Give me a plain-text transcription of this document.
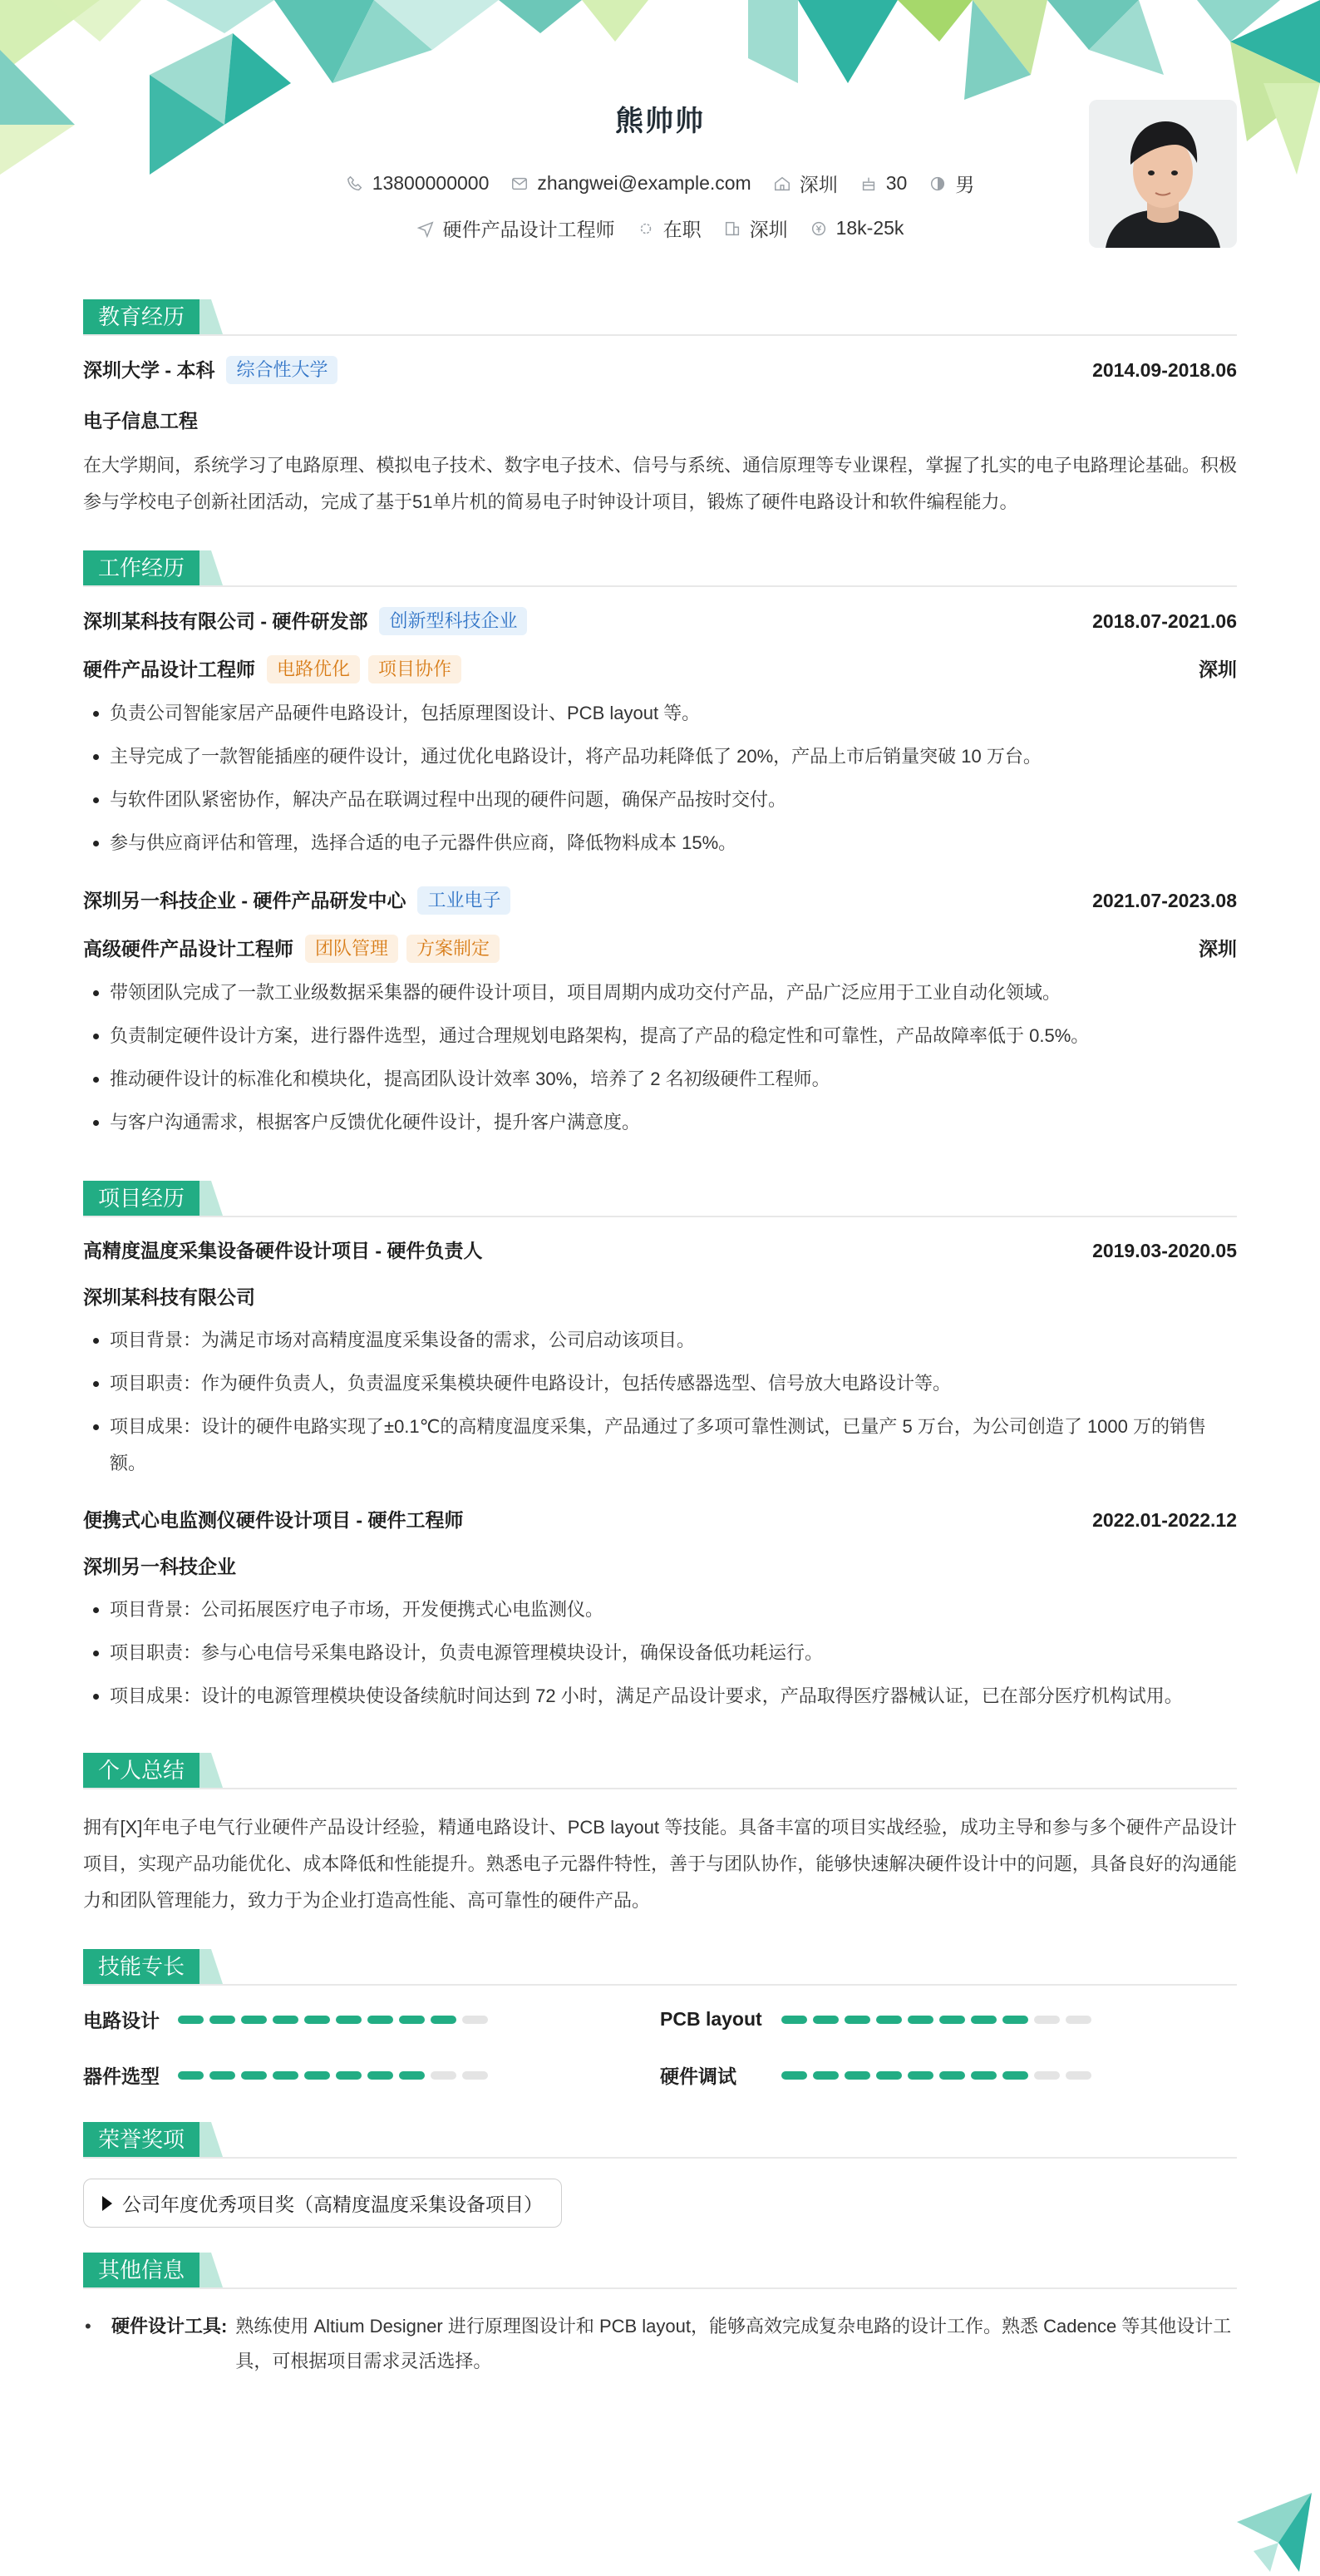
熊帅帅
13800000000	zhangwei@example.com	深圳	30	男
硬件产品设计工程师	在职	深圳	18k-25k
教育经历
深圳大学 - 本科	综合性大学	2014.09-2018.06
电子信息工程
在大学期间，系统学习了电路原理、模拟电子技术、数字电子技术、信号与系统、通信原理等专业课程，掌握了扎实的电子电路理论基础。积极参与学校电子创新社团活动，完成了基于51单片机的简易电子时钟设计项目，锻炼了硬件电路设计和软件编程能力。
工作经历
深圳某科技有限公司 - 硬件研发部	创新型科技企业	2018.07-2021.06
硬件产品设计工程师	电路优化	项目协作	深圳
• 负责公司智能家居产品硬件电路设计，包括原理图设计、PCB layout 等。
• 主导完成了一款智能插座的硬件设计，通过优化电路设计，将产品功耗降低了 20%，产品上市后销量突破 10 万台。
• 与软件团队紧密协作，解决产品在联调过程中出现的硬件问题，确保产品按时交付。
• 参与供应商评估和管理，选择合适的电子元器件供应商，降低物料成本 15%。
深圳另一科技企业 - 硬件产品研发中心	工业电子	2021.07-2023.08
高级硬件产品设计工程师	团队管理	方案制定	深圳
• 带领团队完成了一款工业级数据采集器的硬件设计项目，项目周期内成功交付产品，产品广泛应用于工业自动化领域。
• 负责制定硬件设计方案，进行器件选型，通过合理规划电路架构，提高了产品的稳定性和可靠性，产品故障率低于 0.5%。
• 推动硬件设计的标准化和模块化，提高团队设计效率 30%，培养了 2 名初级硬件工程师。
• 与客户沟通需求，根据客户反馈优化硬件设计，提升客户满意度。
项目经历
高精度温度采集设备硬件设计项目 - 硬件负责人	2019.03-2020.05
深圳某科技有限公司
• 项目背景：为满足市场对高精度温度采集设备的需求，公司启动该项目。
• 项目职责：作为硬件负责人，负责温度采集模块硬件电路设计，包括传感器选型、信号放大电路设计等。
• 项目成果：设计的硬件电路实现了±0.1℃的高精度温度采集，产品通过了多项可靠性测试，已量产 5 万台，为公司创造了 1000 万的销售额。
便携式心电监测仪硬件设计项目 - 硬件工程师	2022.01-2022.12
深圳另一科技企业
• 项目背景：公司拓展医疗电子市场，开发便携式心电监测仪。
• 项目职责：参与心电信号采集电路设计，负责电源管理模块设计，确保设备低功耗运行。
• 项目成果：设计的电源管理模块使设备续航时间达到 72 小时，满足产品设计要求，产品取得医疗器械认证，已在部分医疗机构试用。
个人总结
拥有[X]年电子电气行业硬件产品设计经验，精通电路设计、PCB layout 等技能。具备丰富的项目实战经验，成功主导和参与多个硬件产品设计项目，实现产品功能优化、成本降低和性能提升。熟悉电子元器件特性，善于与团队协作，能够快速解决硬件设计中的问题，具备良好的沟通能力和团队管理能力，致力于为企业打造高性能、高可靠性的硬件产品。
技能专长
电路设计	PCB layout
器件选型	硬件调试
荣誉奖项
公司年度优秀项目奖（高精度温度采集设备项目）
其他信息
•	硬件设计工具: 熟练使用 Altium Designer 进行原理图设计和 PCB layout，能够高效完成复杂电路的设计工作。熟悉 Cadence 等其他设计工具，可根据项目需求灵活选择。
